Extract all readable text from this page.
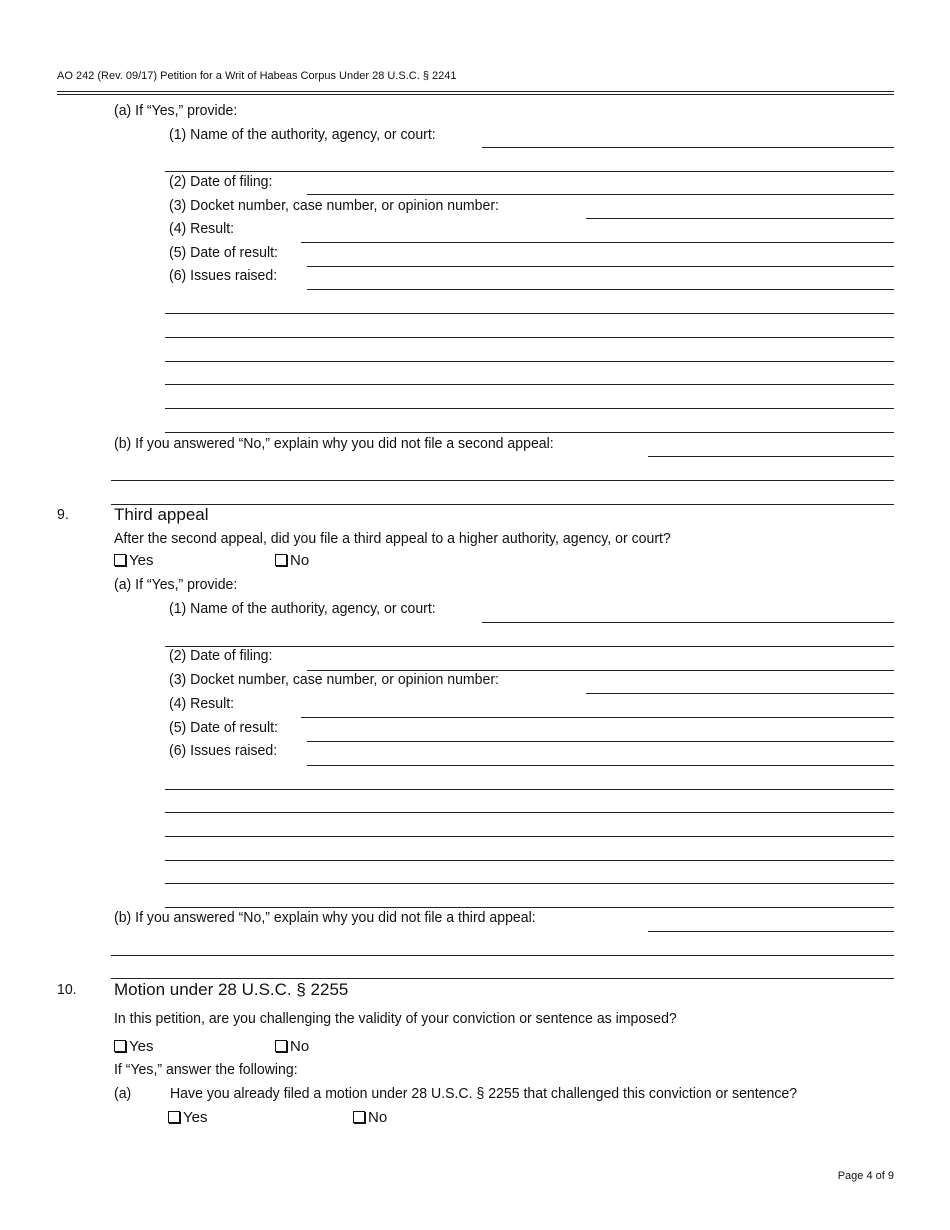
AO 242 (Rev. 09/17) Petition for a Writ of Habeas Corpus Under 28 U.S.C. § 2241
(a) If “Yes,” provide:
(1) Name of the authority, agency, or court:
(2) Date of filing:
(3) Docket number, case number, or opinion number:
(4) Result:
(5) Date of result:
(6) Issues raised:
(b) If you answered “No,” explain why you did not file a second appeal:
9.	Third appeal
After the second appeal, did you file a third appeal to a higher authority, agency, or court?
Yes	No
(a) If “Yes,” provide:
(1) Name of the authority, agency, or court:
(2) Date of filing:
(3) Docket number, case number, or opinion number:
(4) Result:
(5) Date of result:
(6) Issues raised:
(b) If you answered “No,” explain why you did not file a third appeal:
10. Motion under 28 U.S.C. § 2255
In this petition, are you challenging the validity of your conviction or sentence as imposed?
Yes	No
If “Yes,” answer the following:
(a)	Have you already filed a motion under 28 U.S.C. § 2255 that challenged this conviction or sentence?
Yes	No
Page 4 of 9
